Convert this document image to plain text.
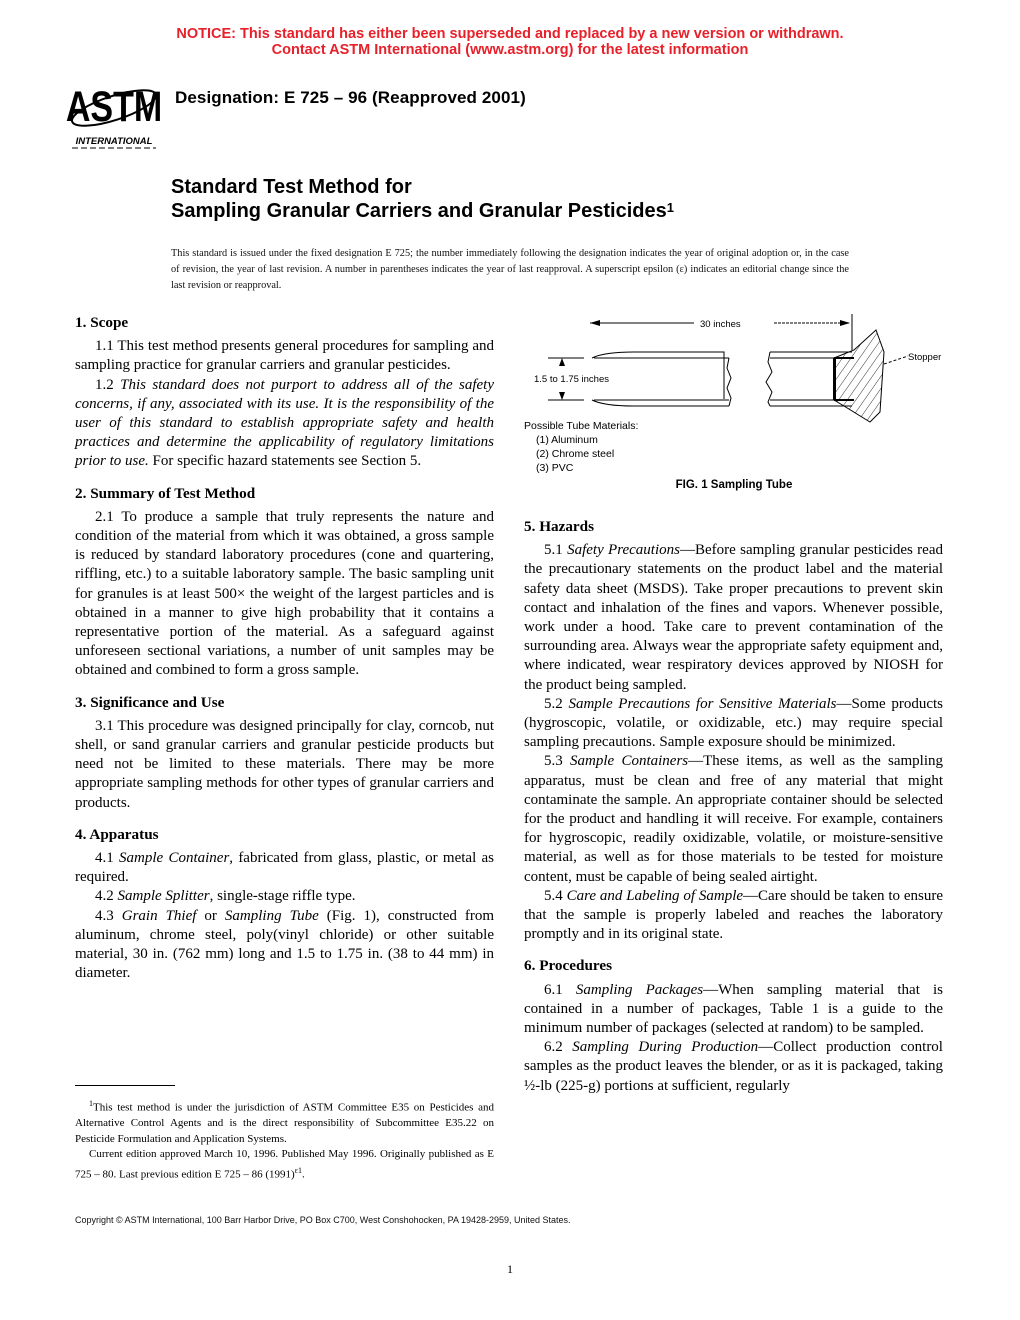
NOTICE: This standard has either been superseded and replaced by a new version or withdrawn.
Contact ASTM International (www.astm.org) for the latest information
ASTM
INTERNATIONAL
Designation: E 725 – 96 (Reapproved 2001)
Standard Test Method for
Sampling Granular Carriers and Granular Pesticides$^1$
This standard is issued under the fixed designation E 725; the number immediately following the designation indicates the year of original adoption or, in the case of revision, the year of last revision. A number in parentheses indicates the year of last reapproval. A superscript epsilon (ε) indicates an editorial change since the last revision or reapproval.
1. Scope

1.1 This test method presents general procedures for sampling and sampling practice for granular carriers and granular pesticides.

1.2 This standard does not purport to address all of the safety concerns, if any, associated with its use. It is the responsibility of the user of this standard to establish appropriate safety and health practices and determine the applicability of regulatory limitations prior to use. For specific hazard statements see Section 5.

2. Summary of Test Method

2.1 To produce a sample that truly represents the nature and condition of the material from which it was obtained, a gross sample is reduced by standard laboratory procedures (cone and quartering, riffling, etc.) to a suitable laboratory sample. The basic sampling unit for granules is at least 500× the weight of the largest particles and is obtained in a manner to give high probability that it contains a representative portion of the material. As a safeguard against unforeseen sectional variations, a number of unit samples may be obtained and combined to form a gross sample.

3. Significance and Use

3.1 This procedure was designed principally for clay, corncob, nut shell, or sand granular carriers and granular pesticide products but need not be limited to these materials. There may be more appropriate sampling methods for other types of granular carriers and products.

4. Apparatus

4.1 Sample Container, fabricated from glass, plastic, or metal as required.

4.2 Sample Splitter, single-stage riffle type.

4.3 Grain Thief or Sampling Tube (Fig. 1), constructed from aluminum, chrome steel, poly(vinyl chloride) or other suitable material, 30 in. (762 mm) long and 1.5 to 1.75 in. (38 to 44 mm) in diameter.

30 inches
Stopper
1.5 to 1.75 inches
Possible Tube Materials:
(1) Aluminum
(2) Chrome steel
(3) PVC
FIG. 1 Sampling Tube
5. Hazards

5.1 Safety Precautions—Before sampling granular pesticides read the precautionary statements on the product label and the material safety data sheet (MSDS). Take proper precautions to prevent skin contact and inhalation of the fines and vapors. Whenever possible, work under a hood. Take care to prevent contamination of the surrounding area. Always wear the appropriate safety equipment and, where indicated, wear respiratory devices approved by NIOSH for the product being sampled.

5.2 Sample Precautions for Sensitive Materials—Some products (hygroscopic, volatile, or oxidizable, etc.) may require special sampling precautions. Sample exposure should be minimized.

5.3 Sample Containers—These items, as well as the sampling apparatus, must be clean and free of any material that might contaminate the sample. An appropriate container should be selected for the product and handling it will receive. For example, containers for hygroscopic, readily oxidizable, volatile, or moisture-sensitive material, as well as for those materials to be tested for moisture content, must be capable of being sealed airtight.

5.4 Care and Labeling of Sample—Care should be taken to ensure that the sample is properly labeled and reaches the laboratory promptly and in its original state.

6. Procedures

6.1 Sampling Packages—When sampling material that is contained in a number of packages, Table 1 is a guide to the minimum number of packages (selected at random) to be sampled.

6.2 Sampling During Production—Collect production control samples as the product leaves the blender, or as it is packaged, taking ½-lb (225-g) portions at sufficient, regularly

$^1$This test method is under the jurisdiction of ASTM Committee E35 on Pesticides and Alternative Control Agents and is the direct responsibility of Subcommittee E35.22 on Pesticide Formulation and Application Systems.

Current edition approved March 10, 1996. Published May 1996. Originally published as E 725 – 80. Last previous edition E 725 – 86 $(1991)^{\varepsilon 1}$.

Copyright © ASTM International, 100 Barr Harbor Drive, PO Box C700, West Conshohocken, PA 19428-2959, United States.
1
